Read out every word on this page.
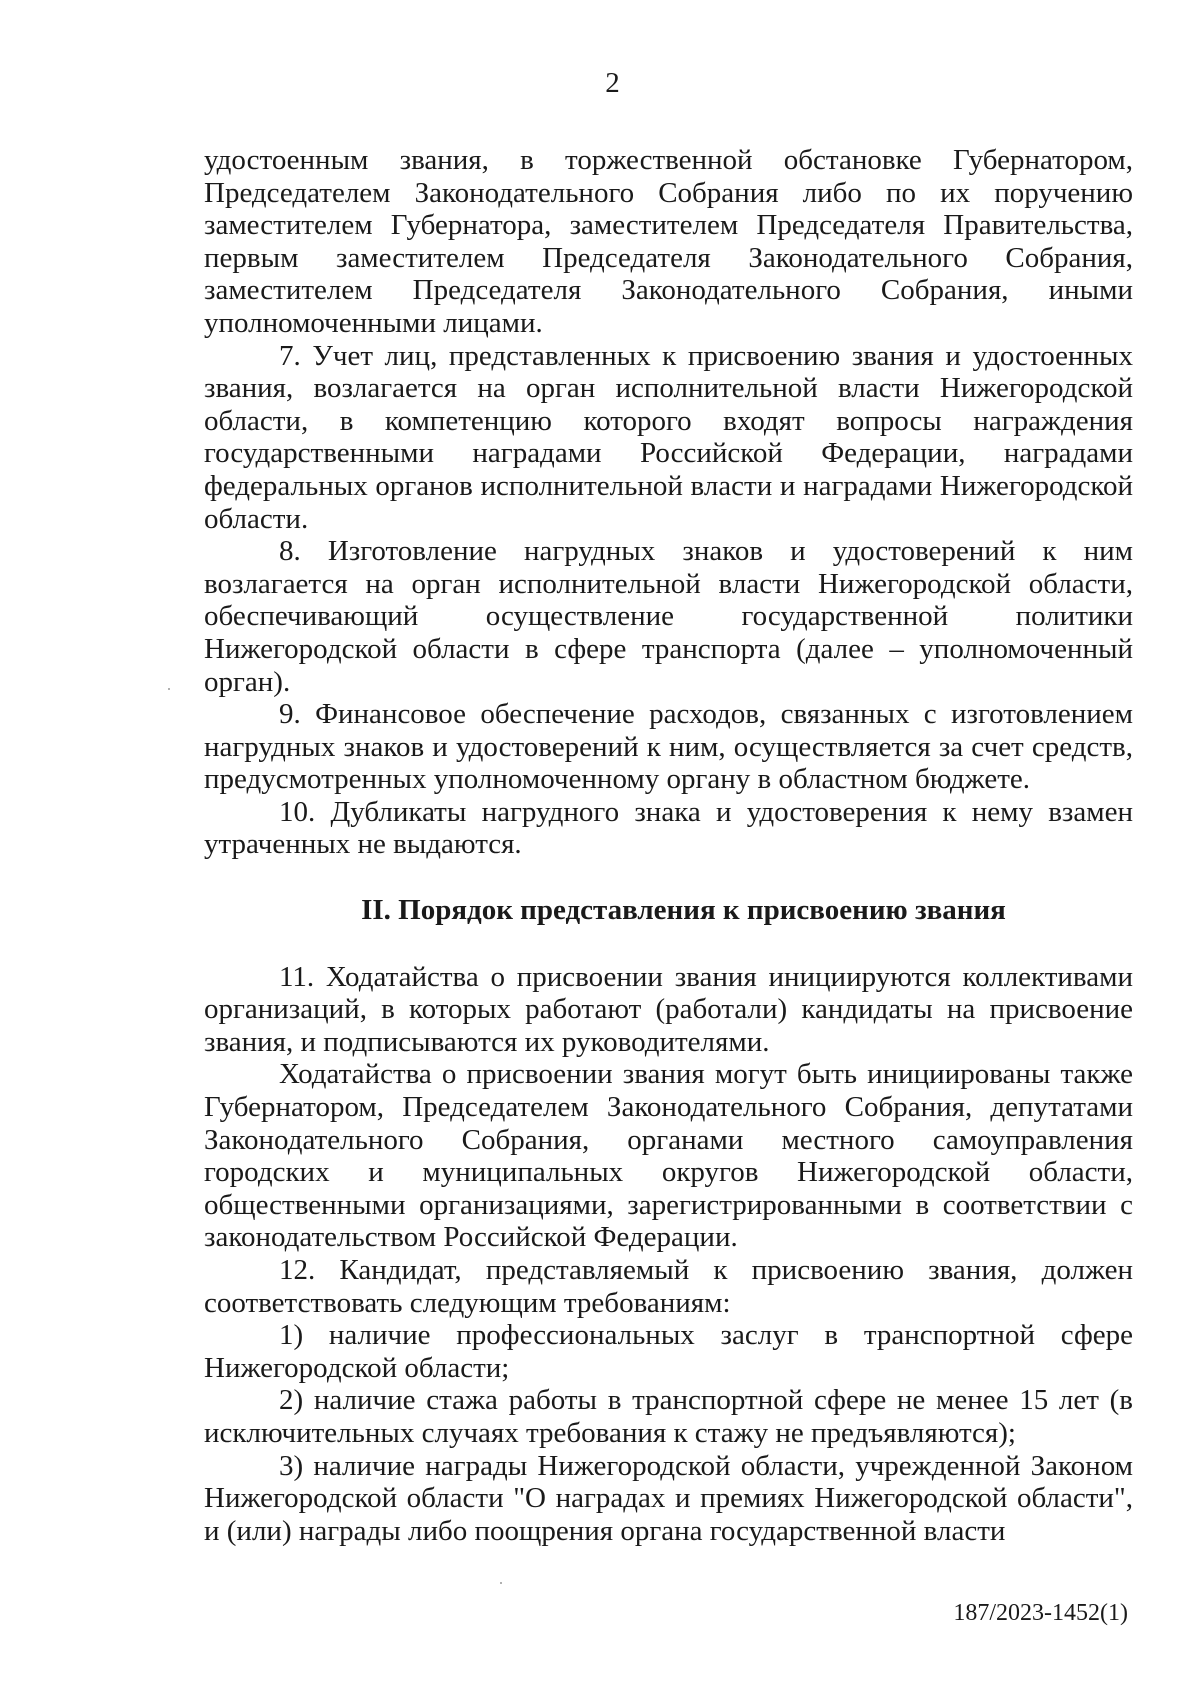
2

удостоенным звания, в торжественной обстановке Губернатором, Председателем Законодательного Собрания либо по их поручению заместителем Губернатора, заместителем Председателя Правительства, первым заместителем Председателя Законодательного Собрания, заместителем Председателя Законодательного Собрания, иными уполномоченными лицами.

7. Учет лиц, представленных к присвоению звания и удостоенных звания, возлагается на орган исполнительной власти Нижегородской области, в компетенцию которого входят вопросы награждения государственными наградами Российской Федерации, наградами федеральных органов исполнительной власти и наградами Нижегородской области.

8. Изготовление нагрудных знаков и удостоверений к ним возлагается на орган исполнительной власти Нижегородской области, обеспечивающий осуществление государственной политики Нижегородской области в сфере транспорта (далее – уполномоченный орган).

9. Финансовое обеспечение расходов, связанных с изготовлением нагрудных знаков и удостоверений к ним, осуществляется за счет средств, предусмотренных уполномоченному органу в областном бюджете.

10. Дубликаты нагрудного знака и удостоверения к нему взамен утраченных не выдаются.

II. Порядок представления к присвоению звания

11. Ходатайства о присвоении звания инициируются коллективами организаций, в которых работают (работали) кандидаты на присвоение звания, и подписываются их руководителями.

Ходатайства о присвоении звания могут быть инициированы также Губернатором, Председателем Законодательного Собрания, депутатами Законодательного Собрания, органами местного самоуправления городских и муниципальных округов Нижегородской области, общественными организациями, зарегистрированными в соответствии с законодательством Российской Федерации.

12. Кандидат, представляемый к присвоению звания, должен соответствовать следующим требованиям:

1) наличие профессиональных заслуг в транспортной сфере Нижегородской области;

2) наличие стажа работы в транспортной сфере не менее 15 лет (в исключительных случаях требования к стажу не предъявляются);

3) наличие награды Нижегородской области, учрежденной Законом Нижегородской области "О наградах и премиях Нижегородской области", и (или) награды либо поощрения органа государственной власти

187/2023-1452(1)
